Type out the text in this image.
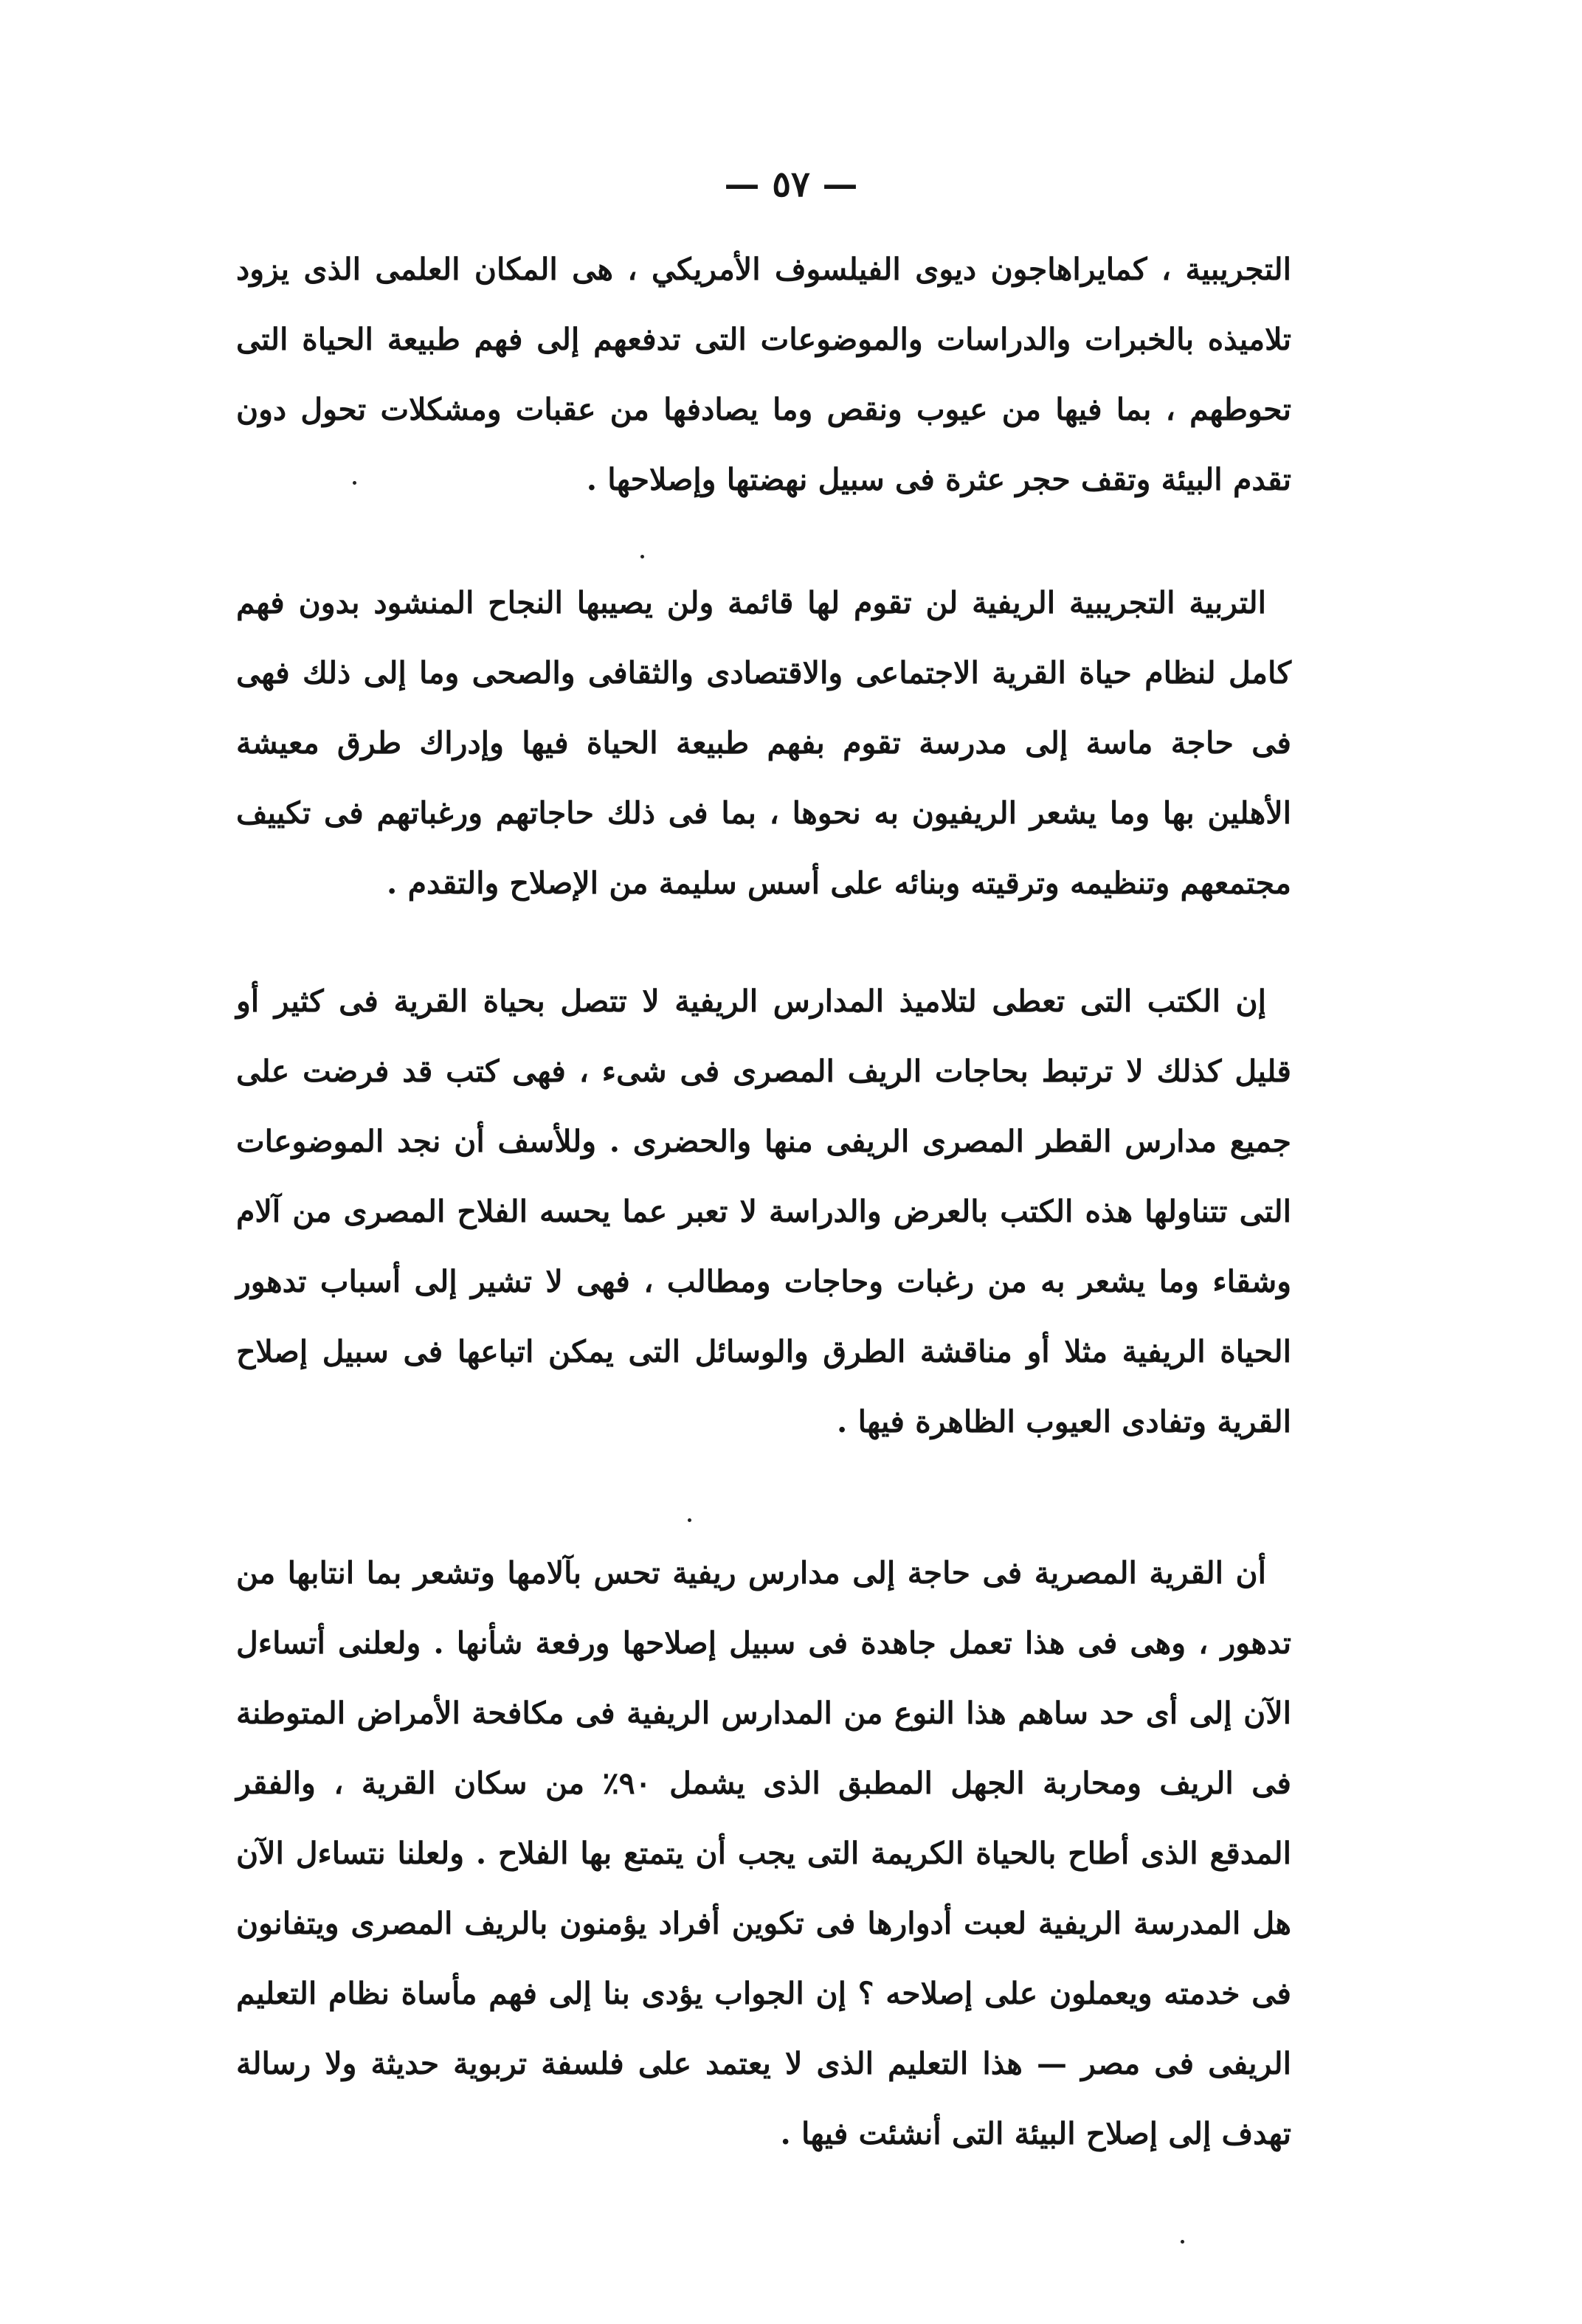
— ٥٧ —

التجريبية ، كمايراهاجون ديوى الفيلسوف الأمريكي ، هى المكان العلمى الذى يزود تلاميذه بالخبرات والدراسات والموضوعات التى تدفعهم إلى فهم طبيعة الحياة التى تحوطهم ، بما فيها من عيوب ونقص وما يصادفها من عقبات ومشكلات تحول دون تقدم البيئة وتقف حجر عثرة فى سبيل نهضتها وإصلاحها .

التربية التجريبية الريفية لن تقوم لها قائمة ولن يصيبها النجاح المنشود بدون فهم كامل لنظام حياة القرية الاجتماعى والاقتصادى والثقافى والصحى وما إلى ذلك فهى فى حاجة ماسة إلى مدرسة تقوم بفهم طبيعة الحياة فيها وإدراك طرق معيشة الأهلين بها وما يشعر الريفيون به نحوها ، بما فى ذلك حاجاتهم ورغباتهم فى تكييف مجتمعهم وتنظيمه وترقيته وبنائه على أسس سليمة من الإصلاح والتقدم .

إن الكتب التى تعطى لتلاميذ المدارس الريفية لا تتصل بحياة القرية فى كثير أو قليل كذلك لا ترتبط بحاجات الريف المصرى فى شىء ، فهى كتب قد فرضت على جميع مدارس القطر المصرى الريفى منها والحضرى . وللأسف أن نجد الموضوعات التى تتناولها هذه الكتب بالعرض والدراسة لا تعبر عما يحسه الفلاح المصرى من آلام وشقاء وما يشعر به من رغبات وحاجات ومطالب ، فهى لا تشير إلى أسباب تدهور الحياة الريفية مثلا أو مناقشة الطرق والوسائل التى يمكن اتباعها فى سبيل إصلاح القرية وتفادى العيوب الظاهرة فيها .

أن القرية المصرية فى حاجة إلى مدارس ريفية تحس بآلامها وتشعر بما انتابها من تدهور ، وهى فى هذا تعمل جاهدة فى سبيل إصلاحها ورفعة شأنها . ولعلنى أتساءل الآن إلى أى حد ساهم هذا النوع من المدارس الريفية فى مكافحة الأمراض المتوطنة فى الريف ومحاربة الجهل المطبق الذى يشمل ٩٠٪ من سكان القرية ، والفقر المدقع الذى أطاح بالحياة الكريمة التى يجب أن يتمتع بها الفلاح . ولعلنا نتساءل الآن هل المدرسة الريفية لعبت أدوارها فى تكوين أفراد يؤمنون بالريف المصرى ويتفانون فى خدمته ويعملون على إصلاحه ؟ إن الجواب يؤدى بنا إلى فهم مأساة نظام التعليم الريفى فى مصر — هذا التعليم الذى لا يعتمد على فلسفة تربوية حديثة ولا رسالة تهدف إلى إصلاح البيئة التى أنشئت فيها .
